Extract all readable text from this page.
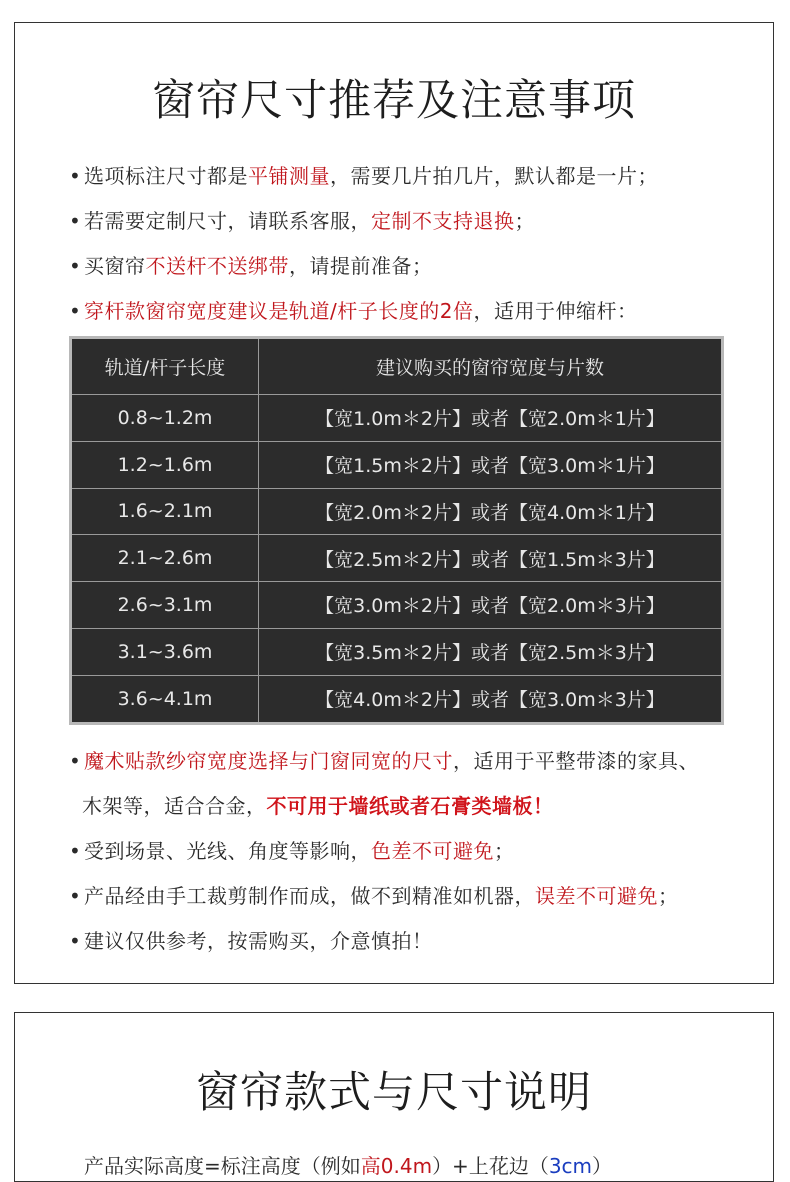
窗帘尺寸推荐及注意事项
• 选项标注尺寸都是平铺测量，需要几片拍几片，默认都是一片；
• 若需要定制尺寸，请联系客服，定制不支持退换；
• 买窗帘不送杆不送绑带，请提前准备；
• 穿杆款窗帘宽度建议是轨道/杆子长度的2倍，适用于伸缩杆：
轨道/杆子长度	建议购买的窗帘宽度与片数
0.8~1.2m	【宽1.0m＊2片】或者【宽2.0m＊1片】
1.2~1.6m	【宽1.5m＊2片】或者【宽3.0m＊1片】
1.6~2.1m	【宽2.0m＊2片】或者【宽4.0m＊1片】
2.1~2.6m	【宽2.5m＊2片】或者【宽1.5m＊3片】
2.6~3.1m	【宽3.0m＊2片】或者【宽2.0m＊3片】
3.1~3.6m	【宽3.5m＊2片】或者【宽2.5m＊3片】
3.6~4.1m	【宽4.0m＊2片】或者【宽3.0m＊3片】
• 魔术贴款纱帘宽度选择与门窗同宽的尺寸，适用于平整带漆的家具、
木架等，适合合金，不可用于墙纸或者石膏类墙板！
• 受到场景、光线、角度等影响，色差不可避免；
• 产品经由手工裁剪制作而成，做不到精准如机器，误差不可避免；
• 建议仅供参考，按需购买，介意慎拍！
窗帘款式与尺寸说明
产品实际高度=标注高度（例如高0.4m）+上花边（3cm）
